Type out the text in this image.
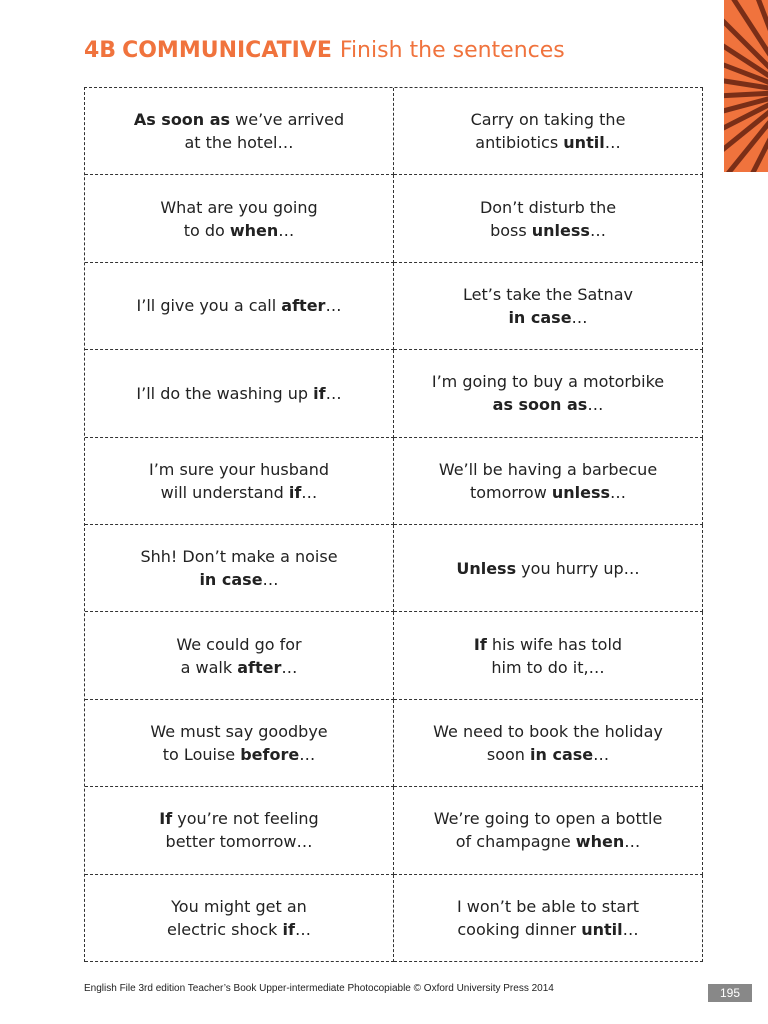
4B COMMUNICATIVE Finish the sentences
As soon as we’ve arrived
at the hotel…
Carry on taking the
antibiotics until…
What are you going
to do when…
Don’t disturb the
boss unless…
I’ll give you a call after…
Let’s take the Satnav
in case…
I’ll do the washing up if…
I’m going to buy a motorbike
as soon as…
I’m sure your husband
will understand if…
We’ll be having a barbecue
tomorrow unless…
Shh! Don’t make a noise
in case…
Unless you hurry up…
We could go for
a walk after…
If his wife has told
him to do it,…
We must say goodbye
to Louise before…
We need to book the holiday
soon in case…
If you’re not feeling
better tomorrow…
We’re going to open a bottle
of champagne when…
You might get an
electric shock if…
I won’t be able to start
cooking dinner until…
English File 3rd edition Teacher’s Book Upper-intermediate Photocopiable © Oxford University Press 2014	195
